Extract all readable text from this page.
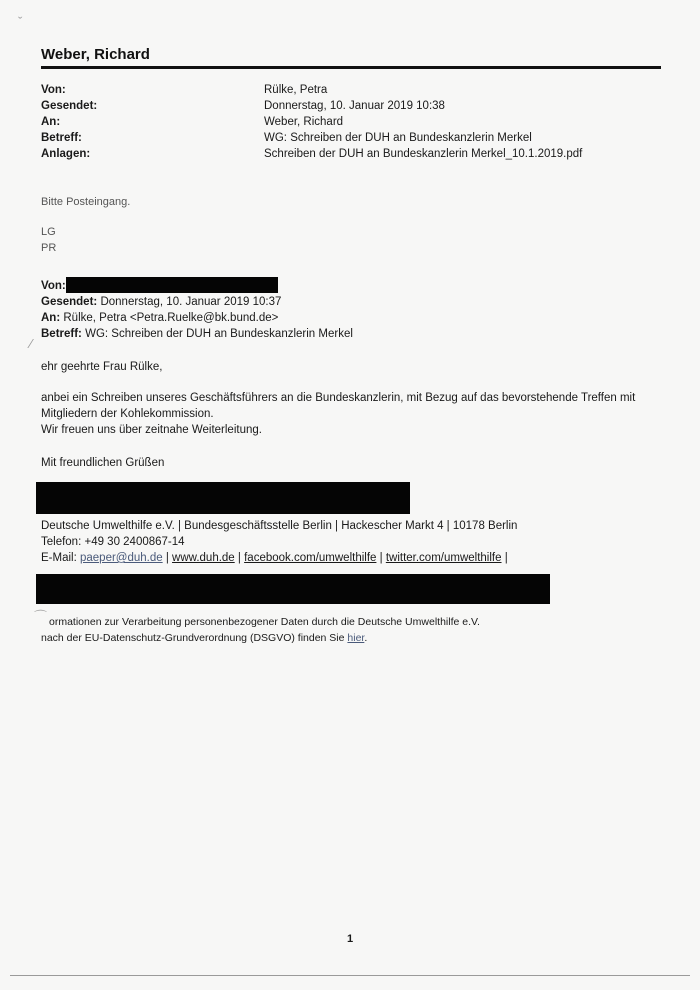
ˇ
Weber, Richard
Von:	Rülke, Petra
Gesendet:	Donnerstag, 10. Januar 2019 10:38
An:	Weber, Richard
Betreff:	WG: Schreiben der DUH an Bundeskanzlerin Merkel
Anlagen:	Schreiben der DUH an Bundeskanzlerin Merkel_10.1.2019.pdf
Bitte Posteingang.
LG
PR
Von:
Gesendet: Donnerstag, 10. Januar 2019 10:37
An: Rülke, Petra <Petra.Ruelke@bk.bund.de>
Betreff: WG: Schreiben der DUH an Bundeskanzlerin Merkel
⁄
ehr geehrte Frau Rülke,
anbei ein Schreiben unseres Geschäftsführers an die Bundeskanzlerin, mit Bezug auf das bevorstehende Treffen mit
Mitgliedern der Kohlekommission.
Wir freuen uns über zeitnahe Weiterleitung.
Mit freundlichen Grüßen
Deutsche Umwelthilfe e.V. | Bundesgeschäftsstelle Berlin | Hackescher Markt 4 | 10178 Berlin
Telefon: +49 30 2400867-14
E-Mail: paeper@duh.de | www.duh.de | facebook.com/umwelthilfe | twitter.com/umwelthilfe |
⌒ ormationen zur Verarbeitung personenbezogener Daten durch die Deutsche Umwelthilfe e.V.
nach der EU-Datenschutz-Grundverordnung (DSGVO) finden Sie hier.
1
